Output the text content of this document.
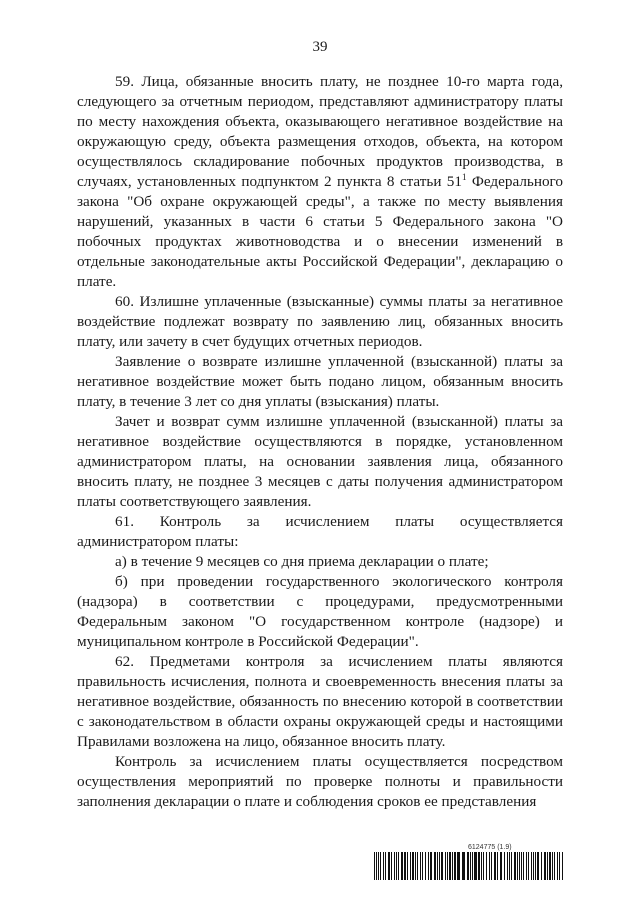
39

59. Лица, обязанные вносить плату, не позднее 10-го марта года, следующего за отчетным периодом, представляют администратору платы по месту нахождения объекта, оказывающего негативное воздействие на окружающую среду, объекта размещения отходов, объекта, на котором осуществлялось складирование побочных продуктов производства, в случаях, установленных подпунктом 2 пункта 8 статьи $51^1$ Федерального закона "Об охране окружающей среды", а также по месту выявления нарушений, указанных в части 6 статьи 5 Федерального закона "О побочных продуктах животноводства и о внесении изменений в отдельные законодательные акты Российской Федерации", декларацию о плате.

60. Излишне уплаченные (взысканные) суммы платы за негативное воздействие подлежат возврату по заявлению лиц, обязанных вносить плату, или зачету в счет будущих отчетных периодов.

Заявление о возврате излишне уплаченной (взысканной) платы за негативное воздействие может быть подано лицом, обязанным вносить плату, в течение 3 лет со дня уплаты (взыскания) платы.

Зачет и возврат сумм излишне уплаченной (взысканной) платы за негативное воздействие осуществляются в порядке, установленном администратором платы, на основании заявления лица, обязанного вносить плату, не позднее 3 месяцев с даты получения администратором платы соответствующего заявления.

61. Контроль за исчислением платы осуществляется администратором платы:

а) в течение 9 месяцев со дня приема декларации о плате;

б) при проведении государственного экологического контроля (надзора) в соответствии с процедурами, предусмотренными Федеральным законом "О государственном контроле (надзоре) и муниципальном контроле в Российской Федерации".

62. Предметами контроля за исчислением платы являются правильность исчисления, полнота и своевременность внесения платы за негативное воздействие, обязанность по внесению которой в соответствии с законодательством в области охраны окружающей среды и настоящими Правилами возложена на лицо, обязанное вносить плату.

Контроль за исчислением платы осуществляется посредством осуществления мероприятий по проверке полноты и правильности заполнения декларации о плате и соблюдения сроков ее представления

6124775 (1.9)
